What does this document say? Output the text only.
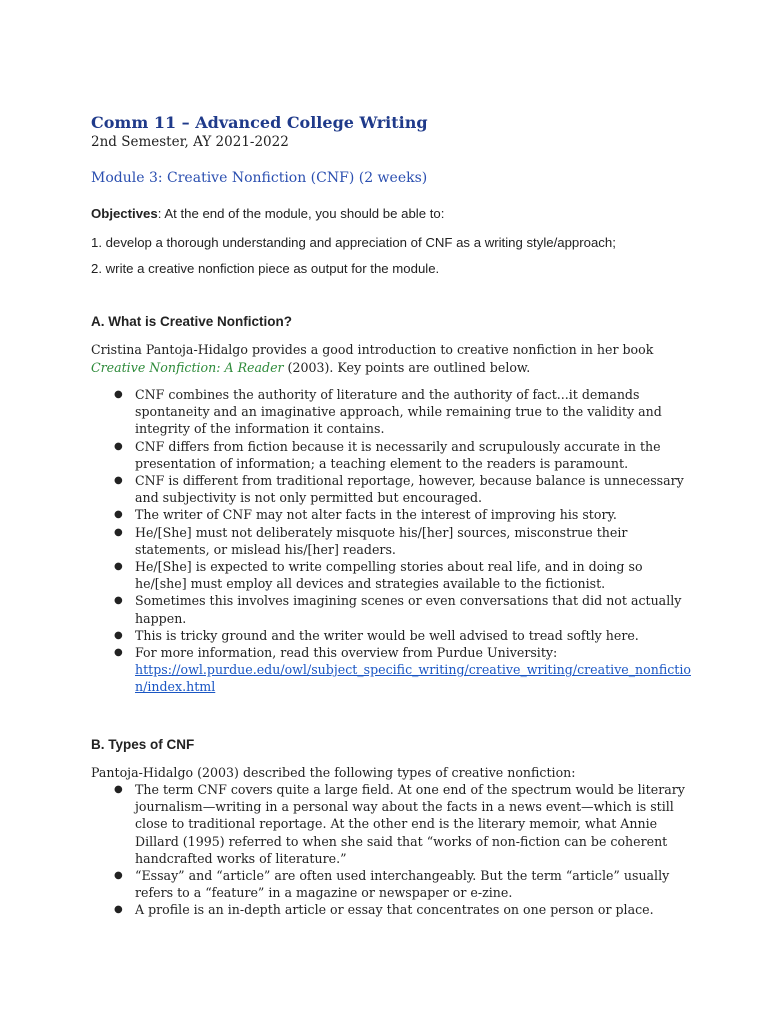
Comm 11 – Advanced College Writing
2nd Semester, AY 2021-2022
Module 3: Creative Nonfiction (CNF) (2 weeks)
Objectives: At the end of the module, you should be able to:
1. develop a thorough understanding and appreciation of CNF as a writing style/approach;
2. write a creative nonfiction piece as output for the module.
A. What is Creative Nonfiction?
Cristina Pantoja-Hidalgo provides a good introduction to creative nonfiction in her book Creative Nonfiction: A Reader (2003). Key points are outlined below.
● CNF combines the authority of literature and the authority of fact...it demands spontaneity and an imaginative approach, while remaining true to the validity and integrity of the information it contains.
● CNF differs from fiction because it is necessarily and scrupulously accurate in the presentation of information; a teaching element to the readers is paramount.
● CNF is different from traditional reportage, however, because balance is unnecessary and subjectivity is not only permitted but encouraged.
● The writer of CNF may not alter facts in the interest of improving his story.
● He/[She] must not deliberately misquote his/[her] sources, misconstrue their statements, or mislead his/[her] readers.
● He/[She] is expected to write compelling stories about real life, and in doing so he/[she] must employ all devices and strategies available to the fictionist.
● Sometimes this involves imagining scenes or even conversations that did not actually happen.
● This is tricky ground and the writer would be well advised to tread softly here.
● For more information, read this overview from Purdue University:
https://owl.purdue.edu/owl/subject_specific_writing/creative_writing/creative_nonfiction/index.html
B. Types of CNF
Pantoja-Hidalgo (2003) described the following types of creative nonfiction:
● The term CNF covers quite a large field. At one end of the spectrum would be literary journalism—writing in a personal way about the facts in a news event—which is still close to traditional reportage. At the other end is the literary memoir, what Annie Dillard (1995) referred to when she said that “works of non-fiction can be coherent handcrafted works of literature.”
● “Essay” and “article” are often used interchangeably. But the term “article” usually refers to a “feature” in a magazine or newspaper or e-zine.
● A profile is an in-depth article or essay that concentrates on one person or place.
